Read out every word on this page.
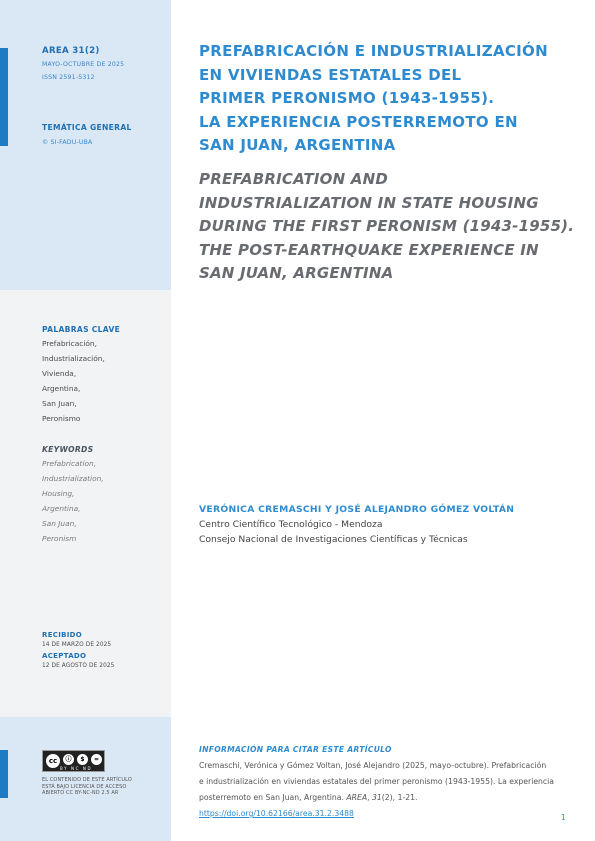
AREA 31(2)
MAYO-OCTUBRE DE 2025
ISSN 2591-5312
TEMÁTICA GENERAL
© SI-FADU-UBA
PALABRAS CLAVE
Prefabricación,
Industrialización,
Vivienda,
Argentina,
San Juan,
Peronismo
KEYWORDS
Prefabrication,
Industrialization,
Housing,
Argentina,
San Juan,
Peronism
RECIBIDO
14 DE MARZO DE 2025
ACEPTADO
12 DE AGOSTO DE 2025
cc	ⓘ	$	=
BY NC ND
EL CONTENIDO DE ESTE ARTÍCULO
ESTÁ BAJO LICENCIA DE ACCESO
ABIERTO CC BY-NC-ND 2.5 AR
PREFABRICACIÓN E INDUSTRIALIZACIÓN
EN VIVIENDAS ESTATALES DEL
PRIMER PERONISMO (1943-1955).
LA EXPERIENCIA POSTERREMOTO EN
SAN JUAN, ARGENTINA
PREFABRICATION AND
INDUSTRIALIZATION IN STATE HOUSING
DURING THE FIRST PERONISM (1943-1955).
THE POST-EARTHQUAKE EXPERIENCE IN
SAN JUAN, ARGENTINA
VERÓNICA CREMASCHI Y JOSÉ ALEJANDRO GÓMEZ VOLTÁN
Centro Científico Tecnológico - Mendoza
Consejo Nacional de Investigaciones Científicas y Técnicas
INFORMACIÓN PARA CITAR ESTE ARTÍCULO
Cremaschi, Verónica y Gómez Voltan, José Alejandro (2025, mayo-octubre). Prefabricación
e industrialización en viviendas estatales del primer peronismo (1943-1955). La experiencia
posterremoto en San Juan, Argentina. AREA, 31(2), 1-21. https://doi.org/10.62166/area.31.2.3488	1
